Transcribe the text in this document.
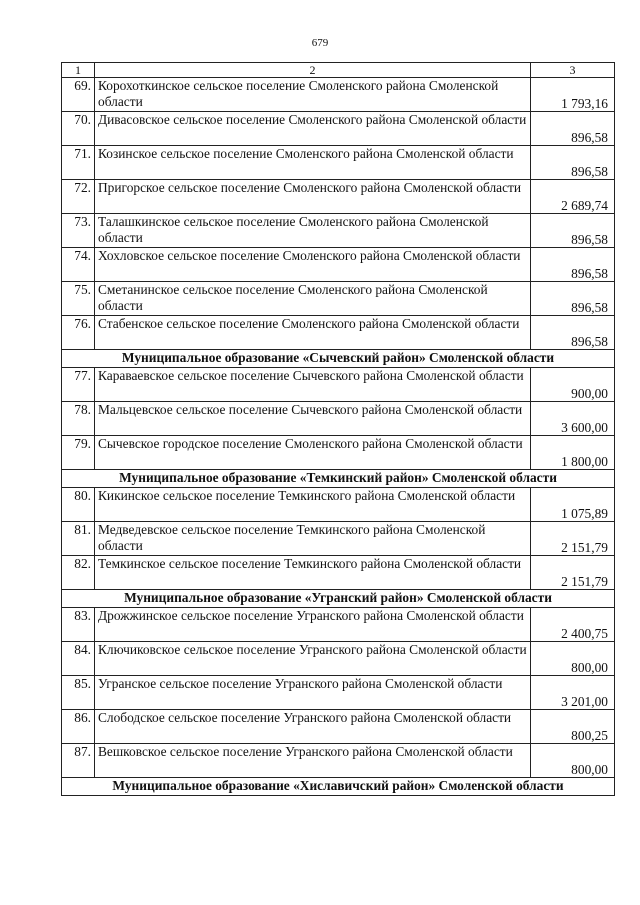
679
1	2	3
69.	Корохоткинское сельское поселение Смоленского района Смоленской области	1 793,16
70.	Дивасовское сельское поселение Смоленского района Смоленской области	896,58
71.	Козинское сельское поселение Смоленского района Смоленской области	896,58
72.	Пригорское сельское поселение Смоленского района Смоленской области	2 689,74
73.	Талашкинское сельское поселение Смоленского района Смоленской области	896,58
74.	Хохловское сельское поселение Смоленского района Смоленской области	896,58
75.	Сметанинское сельское поселение Смоленского района Смоленской области	896,58
76.	Стабенское сельское поселение Смоленского района Смоленской области	896,58
Муниципальное образование «Сычевский район» Смоленской области		
77.	Караваевское сельское поселение Сычевского района Смоленской области	900,00
78.	Мальцевское сельское поселение Сычевского района Смоленской области	3 600,00
79.	Сычевское городское поселение Смоленского района Смоленской области	1 800,00
Муниципальное образование «Темкинский район» Смоленской области		
80.	Кикинское сельское поселение Темкинского района Смоленской области	1 075,89
81.	Медведевское сельское поселение Темкинского района Смоленской области	2 151,79
82.	Темкинское сельское поселение Темкинского района Смоленской области	2 151,79
Муниципальное образование «Угранский район» Смоленской области		
83.	Дрожжинское сельское поселение Угранского района Смоленской области	2 400,75
84.	Ключиковское сельское поселение Угранского района Смоленской области	800,00
85.	Угранское сельское поселение Угранского района Смоленской области	3 201,00
86.	Слободское сельское поселение Угранского района Смоленской области	800,25
87.	Вешковское сельское поселение Угранского района Смоленской области	800,00
Муниципальное образование «Хиславичский район» Смоленской области		
